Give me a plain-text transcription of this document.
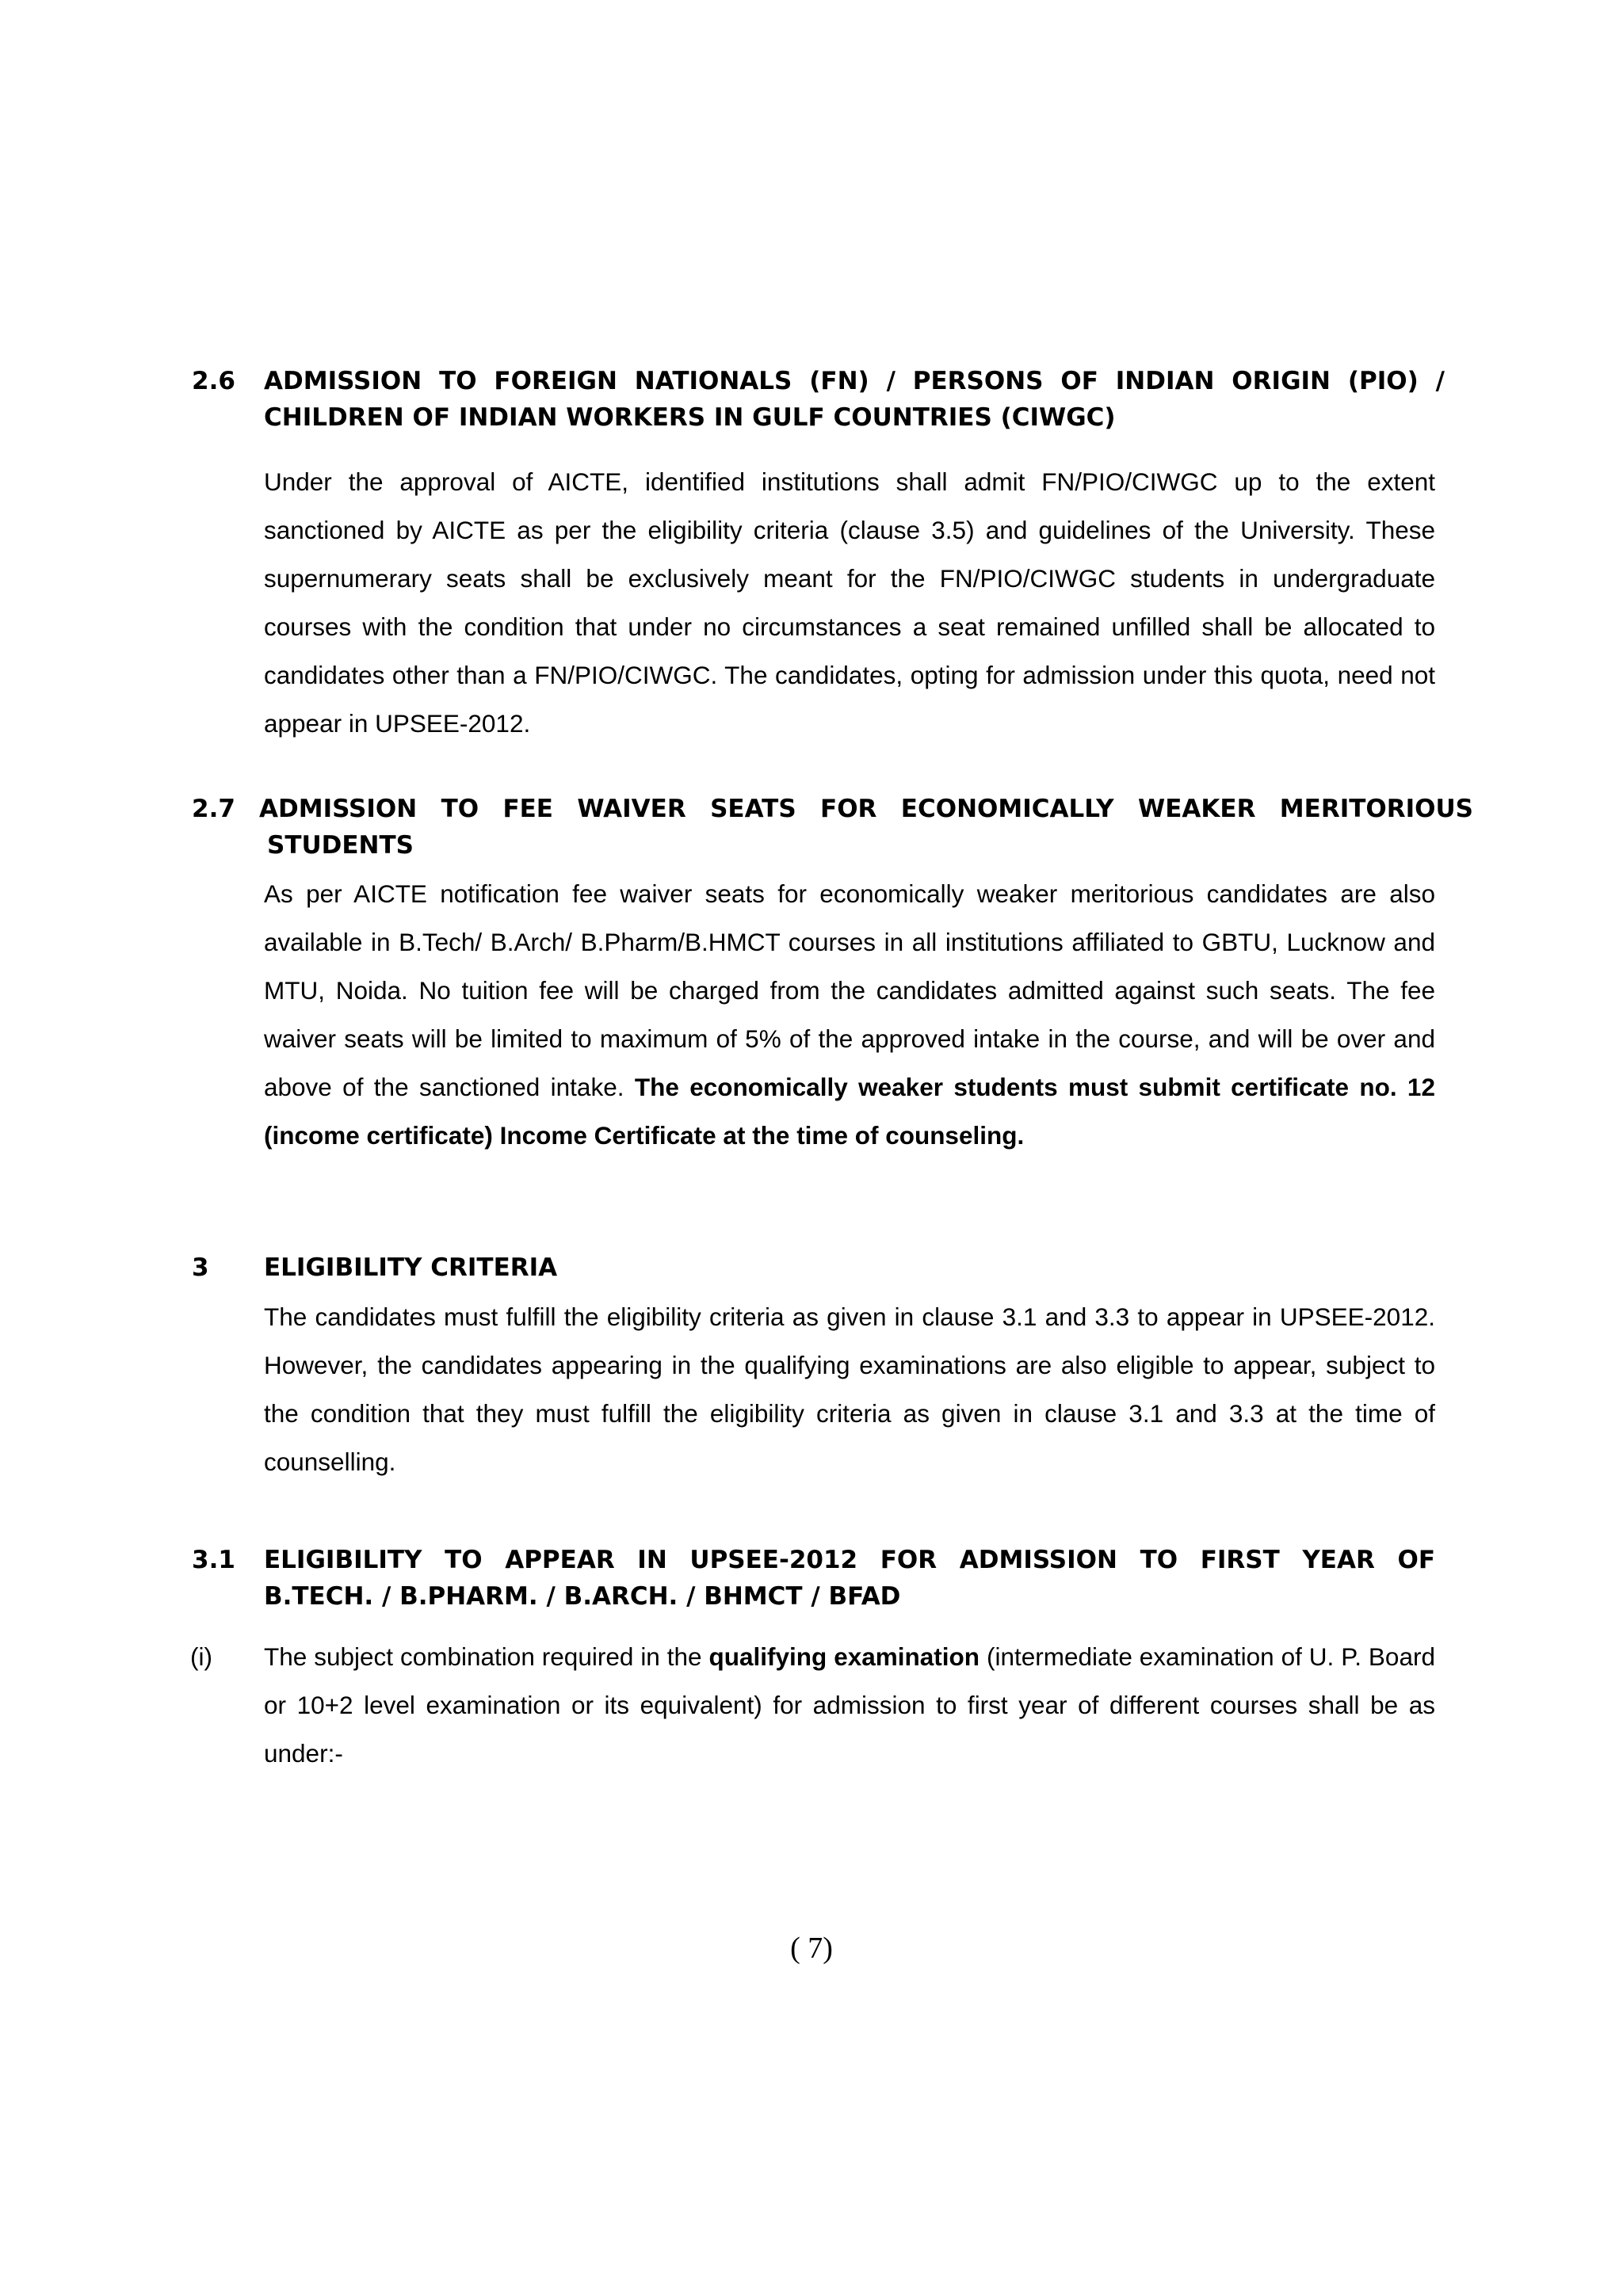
2.6 ADMISSION TO FOREIGN NATIONALS (FN) / PERSONS OF INDIAN ORIGIN (PIO) /
CHILDREN OF INDIAN WORKERS IN GULF COUNTRIES (CIWGC)
Under the approval of AICTE, identified institutions shall admit FN/PIO/CIWGC up to the extent sanctioned by AICTE as per the eligibility criteria (clause 3.5) and guidelines of the University. These supernumerary seats shall be exclusively meant for the FN/PIO/CIWGC students in undergraduate courses with the condition that under no circumstances a seat remained unfilled shall be allocated to candidates other than a FN/PIO/CIWGC. The candidates, opting for admission under this quota, need not appear in UPSEE-2012.
2.7 ADMISSION TO FEE WAIVER SEATS FOR ECONOMICALLY WEAKER MERITORIOUS
STUDENTS
As per AICTE notification fee waiver seats for economically weaker meritorious candidates are also available in B.Tech/ B.Arch/ B.Pharm/B.HMCT courses in all institutions affiliated to GBTU, Lucknow and MTU, Noida. No tuition fee will be charged from the candidates admitted against such seats. The fee waiver seats will be limited to maximum of 5% of the approved intake in the course, and will be over and above of the sanctioned intake. The economically weaker students must submit certificate no. 12 (income certificate) Income Certificate at the time of counseling.
3 ELIGIBILITY CRITERIA
The candidates must fulfill the eligibility criteria as given in clause 3.1 and 3.3 to appear in UPSEE-2012. However, the candidates appearing in the qualifying examinations are also eligible to appear, subject to the condition that they must fulfill the eligibility criteria as given in clause 3.1 and 3.3 at the time of counselling.
3.1 ELIGIBILITY TO APPEAR IN UPSEE-2012 FOR ADMISSION TO FIRST YEAR OF
B.TECH. / B.PHARM. / B.ARCH. / BHMCT / BFAD
(i) The subject combination required in the qualifying examination (intermediate examination of U. P. Board or 10+2 level examination or its equivalent) for admission to first year of different courses shall be as under:-
( 7)
